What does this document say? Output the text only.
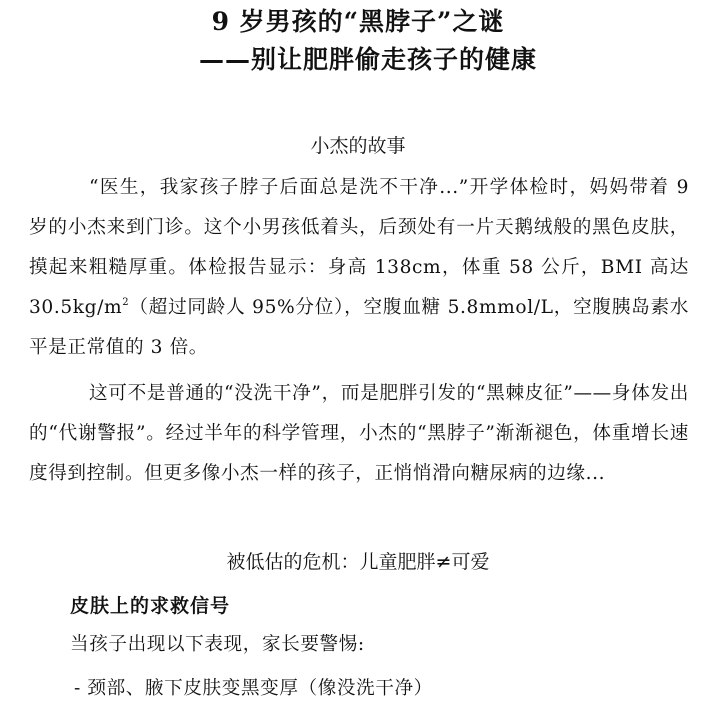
9 岁男孩的“黑脖子”之谜
——别让肥胖偷走孩子的健康
小杰的故事
“医生，我家孩子脖子后面总是洗不干净...”开学体检时，妈妈带着 9 岁的小杰来到门诊。这个小男孩低着头，后颈处有一片天鹅绒般的黑色皮肤，摸起来粗糙厚重。体检报告显示：身高 138cm，体重 58 公斤，BMI 高达 $30.5kg/m^2$（超过同龄人 95%分位），空腹血糖 5.8mmol/L，空腹胰岛素水平是正常值的 3 倍。
这可不是普通的“没洗干净”，而是肥胖引发的“黑棘皮征”——身体发出的“代谢警报”。经过半年的科学管理，小杰的“黑脖子”渐渐褪色，体重增长速度得到控制。但更多像小杰一样的孩子，正悄悄滑向糖尿病的边缘...
被低估的危机：儿童肥胖≠可爱
皮肤上的求救信号
当孩子出现以下表现，家长要警惕:
- 颈部、腋下皮肤变黑变厚（像没洗干净）
